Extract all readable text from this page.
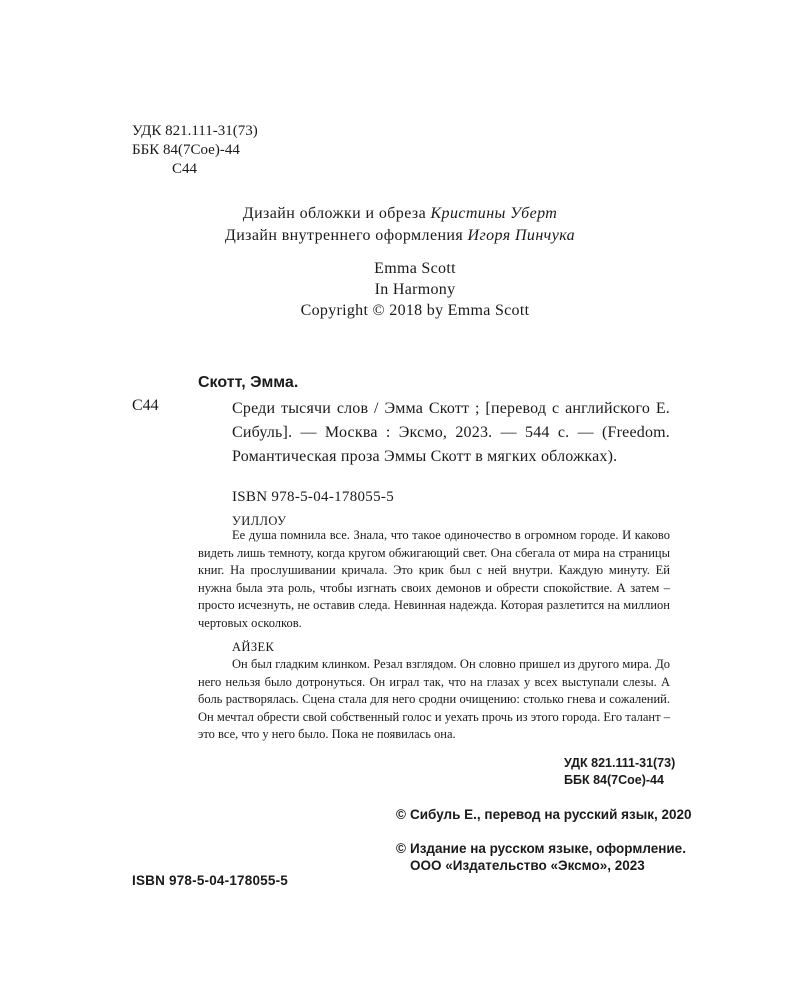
УДК 821.111-31(73)
ББК 84(7Сое)-44
С44
Дизайн обложки и обреза Кристины Уберт
Дизайн внутреннего оформления Игоря Пинчука
Emma Scott
In Harmony
Copyright © 2018 by Emma Scott
Скотт, Эмма.
С44	Среди тысячи слов / Эмма Скотт ; [перевод с английского Е. Сибуль]. — Москва : Эксмо, 2023. — 544 с. — (Freedom. Романтическая проза Эммы Скотт в мягких обложках).
ISBN 978-5-04-178055-5
УИЛЛОУ
Ее душа помнила все. Знала, что такое одиночество в огромном городе. И каково видеть лишь темноту, когда кругом обжигающий свет. Она сбегала от мира на страницы книг. На прослушивании кричала. Это крик был с ней внутри. Каждую минуту. Ей нужна была эта роль, чтобы изгнать своих демонов и обрести спокойствие. А затем – просто исчезнуть, не оставив следа. Невинная надежда. Которая разлетится на миллион чертовых осколков.
АЙЗЕК
Он был гладким клинком. Резал взглядом. Он словно пришел из другого мира. До него нельзя было дотронуться. Он играл так, что на глазах у всех выступали слезы. А боль растворялась. Сцена стала для него сродни очищению: столько гнева и сожалений. Он мечтал обрести свой собственный голос и уехать прочь из этого города. Его талант – это все, что у него было. Пока не появилась она.
УДК 821.111-31(73)
ББК 84(7Сое)-44
© Сибуль Е., перевод на русский язык, 2020
© Издание на русском языке, оформление. ООО «Издательство «Эксмо», 2023
ISBN 978-5-04-178055-5
